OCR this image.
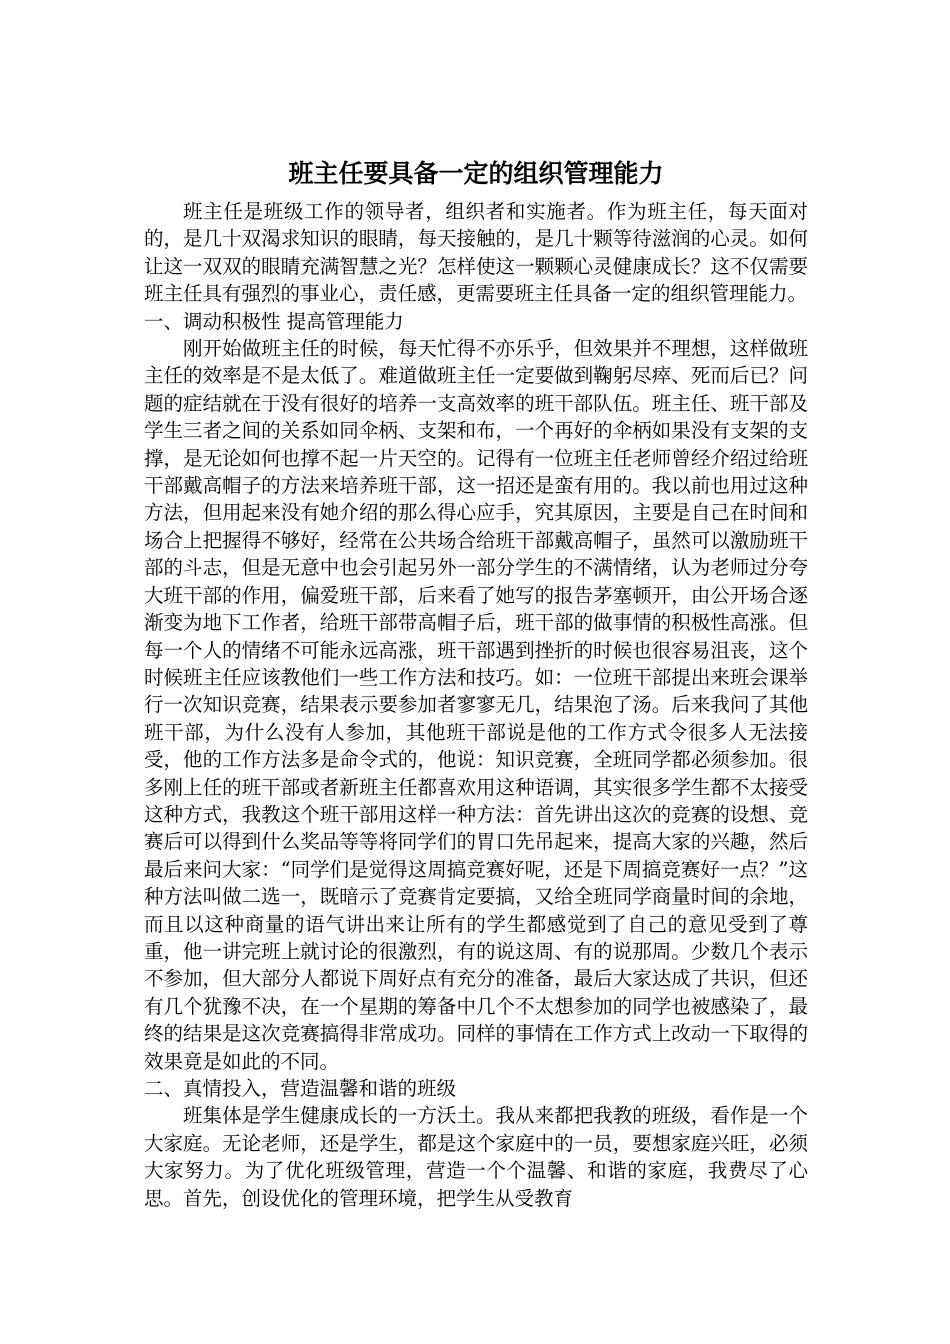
班主任要具备一定的组织管理能力

班主任是班级工作的领导者，组织者和实施者。作为班主任，每天面对的，是几十双渴求知识的眼睛，每天接触的，是几十颗等待滋润的心灵。如何让这一双双的眼睛充满智慧之光？怎样使这一颗颗心灵健康成长？这不仅需要班主任具有强烈的事业心，责任感，更需要班主任具备一定的组织管理能力。

一、调动积极性 提高管理能力

刚开始做班主任的时候，每天忙得不亦乐乎，但效果并不理想，这样做班主任的效率是不是太低了。难道做班主任一定要做到鞠躬尽瘁、死而后已？问题的症结就在于没有很好的培养一支高效率的班干部队伍。班主任、班干部及学生三者之间的关系如同伞柄、支架和布，一个再好的伞柄如果没有支架的支撑，是无论如何也撑不起一片天空的。记得有一位班主任老师曾经介绍过给班干部戴高帽子的方法来培养班干部，这一招还是蛮有用的。我以前也用过这种方法，但用起来没有她介绍的那么得心应手，究其原因，主要是自己在时间和场合上把握得不够好，经常在公共场合给班干部戴高帽子，虽然可以激励班干部的斗志，但是无意中也会引起另外一部分学生的不满情绪，认为老师过分夸大班干部的作用，偏爱班干部，后来看了她写的报告茅塞顿开，由公开场合逐渐变为地下工作者，给班干部带高帽子后，班干部的做事情的积极性高涨。但每一个人的情绪不可能永远高涨，班干部遇到挫折的时候也很容易沮丧，这个时候班主任应该教他们一些工作方法和技巧。如：一位班干部提出来班会课举行一次知识竞赛，结果表示要参加者寥寥无几，结果泡了汤。后来我问了其他班干部，为什么没有人参加，其他班干部说是他的工作方式令很多人无法接受，他的工作方法多是命令式的，他说：知识竞赛，全班同学都必须参加。很多刚上任的班干部或者新班主任都喜欢用这种语调，其实很多学生都不太接受这种方式，我教这个班干部用这样一种方法：首先讲出这次的竞赛的设想、竞赛后可以得到什么奖品等等将同学们的胃口先吊起来，提高大家的兴趣，然后最后来问大家：“同学们是觉得这周搞竞赛好呢，还是下周搞竞赛好一点？”这种方法叫做二选一，既暗示了竞赛肯定要搞，又给全班同学商量时间的余地，而且以这种商量的语气讲出来让所有的学生都感觉到了自己的意见受到了尊重，他一讲完班上就讨论的很激烈，有的说这周、有的说那周。少数几个表示不参加，但大部分人都说下周好点有充分的准备，最后大家达成了共识，但还有几个犹豫不决，在一个星期的筹备中几个不太想参加的同学也被感染了，最终的结果是这次竞赛搞得非常成功。同样的事情在工作方式上改动一下取得的效果竟是如此的不同。

二、真情投入，营造温馨和谐的班级

班集体是学生健康成长的一方沃土。我从来都把我教的班级，看作是一个大家庭。无论老师，还是学生，都是这个家庭中的一员，要想家庭兴旺，必须大家努力。为了优化班级管理，营造一个个温馨、和谐的家庭，我费尽了心思。首先，创设优化的管理环境，把学生从受教育
